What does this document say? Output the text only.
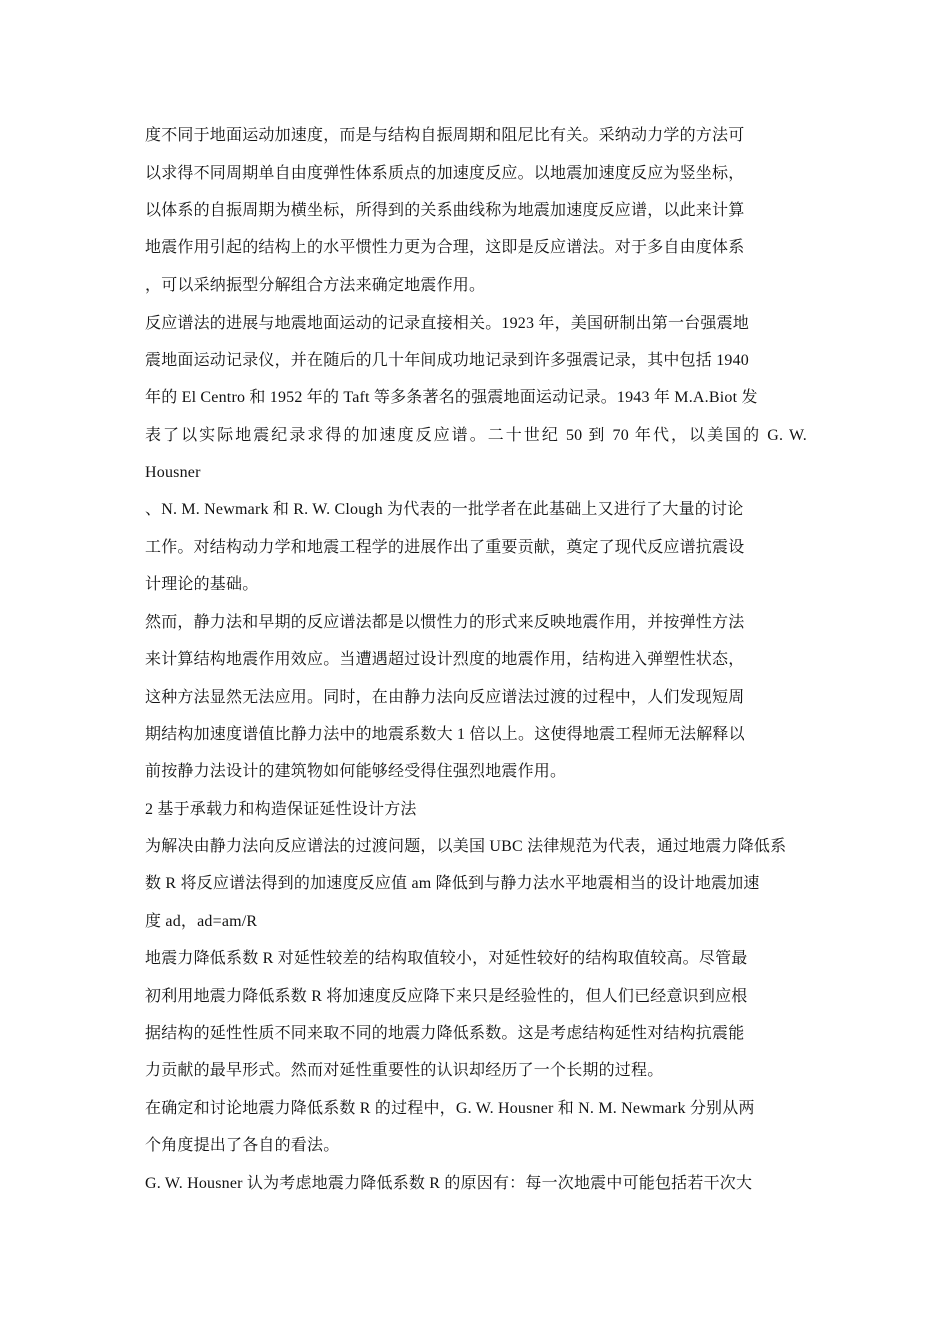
度不同于地面运动加速度，而是与结构自振周期和阻尼比有关。采纳动力学的方法可
以求得不同周期单自由度弹性体系质点的加速度反应。以地震加速度反应为竖坐标，
以体系的自振周期为横坐标，所得到的关系曲线称为地震加速度反应谱，以此来计算
地震作用引起的结构上的水平惯性力更为合理，这即是反应谱法。对于多自由度体系
，可以采纳振型分解组合方法来确定地震作用。
反应谱法的进展与地震地面运动的记录直接相关。1923 年，美国研制出第一台强震地
震地面运动记录仪，并在随后的几十年间成功地记录到许多强震记录，其中包括 1940
年的 El Centro 和 1952 年的 Taft 等多条著名的强震地面运动记录。1943 年 M.A.Biot 发
表了以实际地震纪录求得的加速度反应谱。二十世纪 50 到 70 年代，以美国的 G. W.
Housner
、N. M. Newmark 和 R. W. Clough 为代表的一批学者在此基础上又进行了大量的讨论
工作。对结构动力学和地震工程学的进展作出了重要贡献，奠定了现代反应谱抗震设
计理论的基础。
然而，静力法和早期的反应谱法都是以惯性力的形式来反映地震作用，并按弹性方法
来计算结构地震作用效应。当遭遇超过设计烈度的地震作用，结构进入弹塑性状态，
这种方法显然无法应用。同时，在由静力法向反应谱法过渡的过程中，人们发现短周
期结构加速度谱值比静力法中的地震系数大 1 倍以上。这使得地震工程师无法解释以
前按静力法设计的建筑物如何能够经受得住强烈地震作用。
2 基于承载力和构造保证延性设计方法
为解决由静力法向反应谱法的过渡问题，以美国 UBC 法律规范为代表，通过地震力降低系
数 R 将反应谱法得到的加速度反应值 am 降低到与静力法水平地震相当的设计地震加速
度 ad，ad=am/R
地震力降低系数 R 对延性较差的结构取值较小，对延性较好的结构取值较高。尽管最
初利用地震力降低系数 R 将加速度反应降下来只是经验性的，但人们已经意识到应根
据结构的延性性质不同来取不同的地震力降低系数。这是考虑结构延性对结构抗震能
力贡献的最早形式。然而对延性重要性的认识却经历了一个长期的过程。
在确定和讨论地震力降低系数 R 的过程中，G. W. Housner 和 N. M. Newmark 分别从两
个角度提出了各自的看法。
G. W. Housner 认为考虑地震力降低系数 R 的原因有：每一次地震中可能包括若干次大
